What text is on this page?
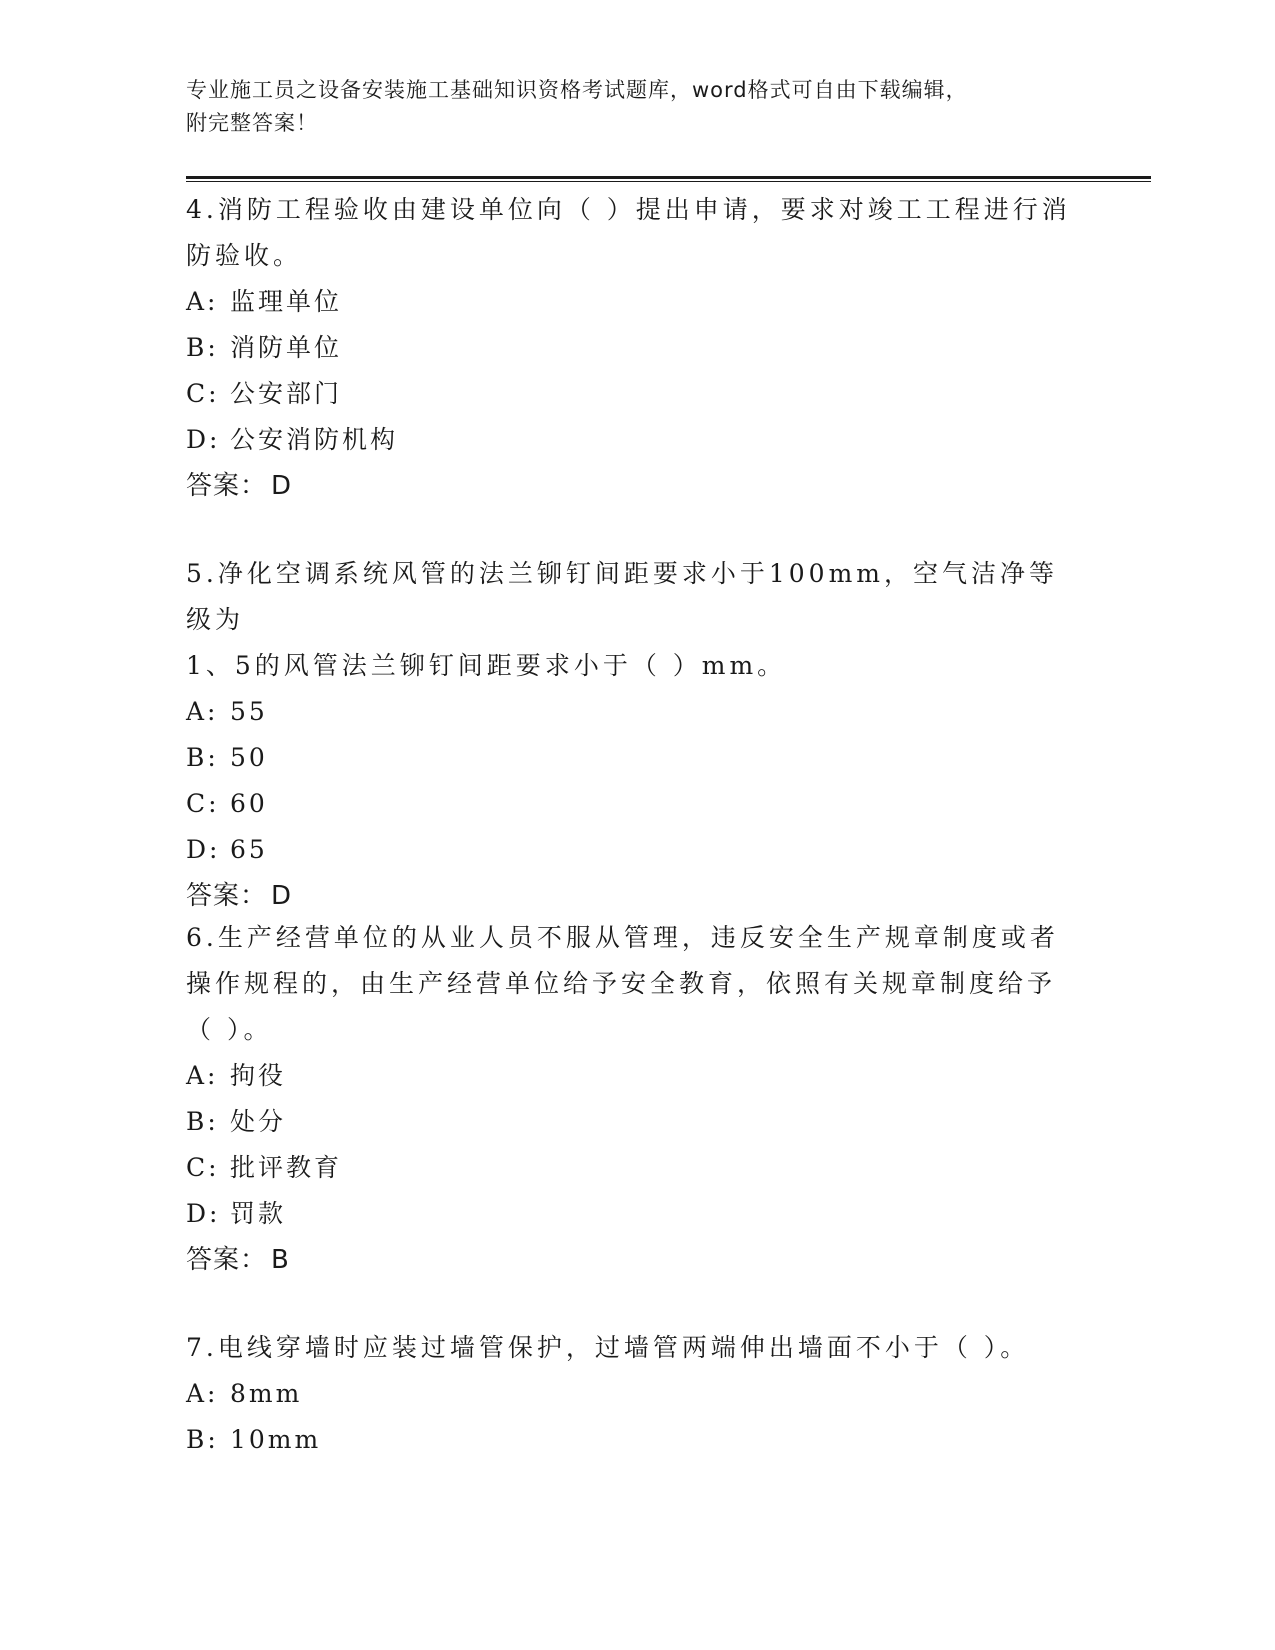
专业施工员之设备安装施工基础知识资格考试题库，word格式可自由下载编辑，
附完整答案！
4.消防工程验收由建设单位向（ ）提出申请，要求对竣工工程进行消
防验收。
A: 监理单位
B: 消防单位
C: 公安部门
D: 公安消防机构
答案： D
5.净化空调系统风管的法兰铆钉间距要求小于100mm，空气洁净等级为
1、5的风管法兰铆钉间距要求小于（ ）mm。
A: 55
B: 50
C: 60
D: 65
答案： D
6.生产经营单位的从业人员不服从管理，违反安全生产规章制度或者
操作规程的，由生产经营单位给予安全教育，依照有关规章制度给予
（ ）。
A: 拘役
B: 处分
C: 批评教育
D: 罚款
答案： B
7.电线穿墙时应装过墙管保护，过墙管两端伸出墙面不小于（ ）。
A: 8mm
B: 10mm
